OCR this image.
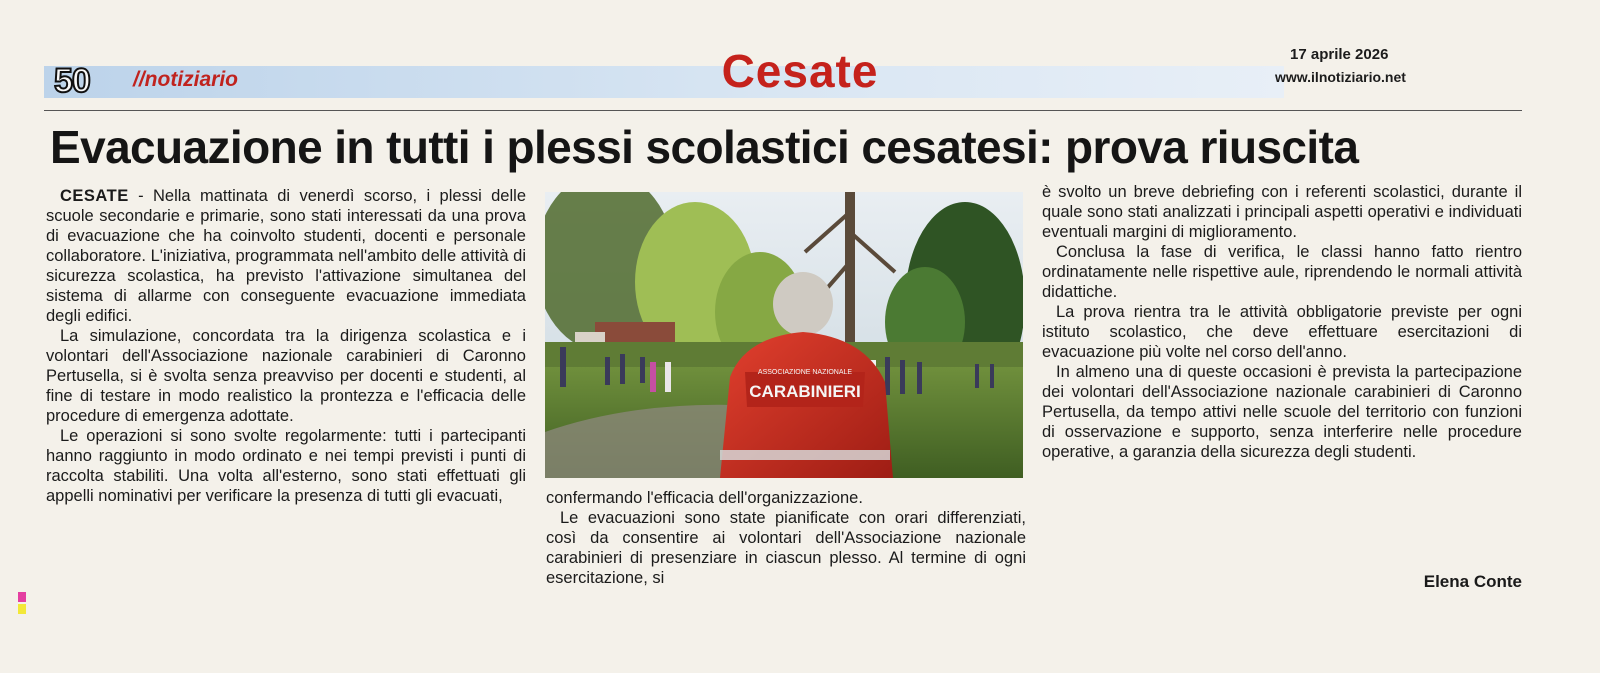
50 //notiziario	Cesate	17 aprile 2026
www.ilnotiziario.net
Evacuazione in tutti i plessi scolastici cesatesi: prova riuscita

CESATE - Nella mattinata di venerdì scorso, i plessi delle scuole secondarie e primarie, sono stati interessati da una prova di evacuazione che ha coinvolto studenti, docenti e personale collaboratore. L'iniziativa, programmata nell'ambito delle attività di sicurezza scolastica, ha previsto l'attivazione simultanea del sistema di allarme con conseguente evacuazione immediata degli edifici.

La simulazione, concordata tra la dirigenza scolastica e i volontari dell'Associazione nazionale carabinieri di Caronno Pertusella, si è svolta senza preavviso per docenti e studenti, al fine di testare in modo realistico la prontezza e l'efficacia delle procedure di emergenza adottate.

Le operazioni si sono svolte regolarmente: tutti i partecipanti hanno raggiunto in modo ordinato e nei tempi previsti i punti di raccolta stabiliti. Una volta all'esterno, sono stati effettuati gli appelli nominativi per verificare la presenza di tutti gli evacuati,

ASSOCIAZIONE NAZIONALE
CARABINIERI

confermando l'efficacia dell'organizzazione.

Le evacuazioni sono state pianificate con orari differenziati, così da consentire ai volontari dell'Associazione nazionale carabinieri di presenziare in ciascun plesso. Al termine di ogni esercitazione, si

è svolto un breve debriefing con i referenti scolastici, durante il quale sono stati analizzati i principali aspetti operativi e individuati eventuali margini di miglioramento.

Conclusa la fase di verifica, le classi hanno fatto rientro ordinatamente nelle rispettive aule, riprendendo le normali attività didattiche.

La prova rientra tra le attività obbligatorie previste per ogni istituto scolastico, che deve effettuare esercitazioni di evacuazione più volte nel corso dell'anno.

In almeno una di queste occasioni è prevista la partecipazione dei volontari dell'Associazione nazionale carabinieri di Caronno Pertusella, da tempo attivi nelle scuole del territorio con funzioni di osservazione e supporto, senza interferire nelle procedure operative, a garanzia della sicurezza degli studenti.

Elena Conte
